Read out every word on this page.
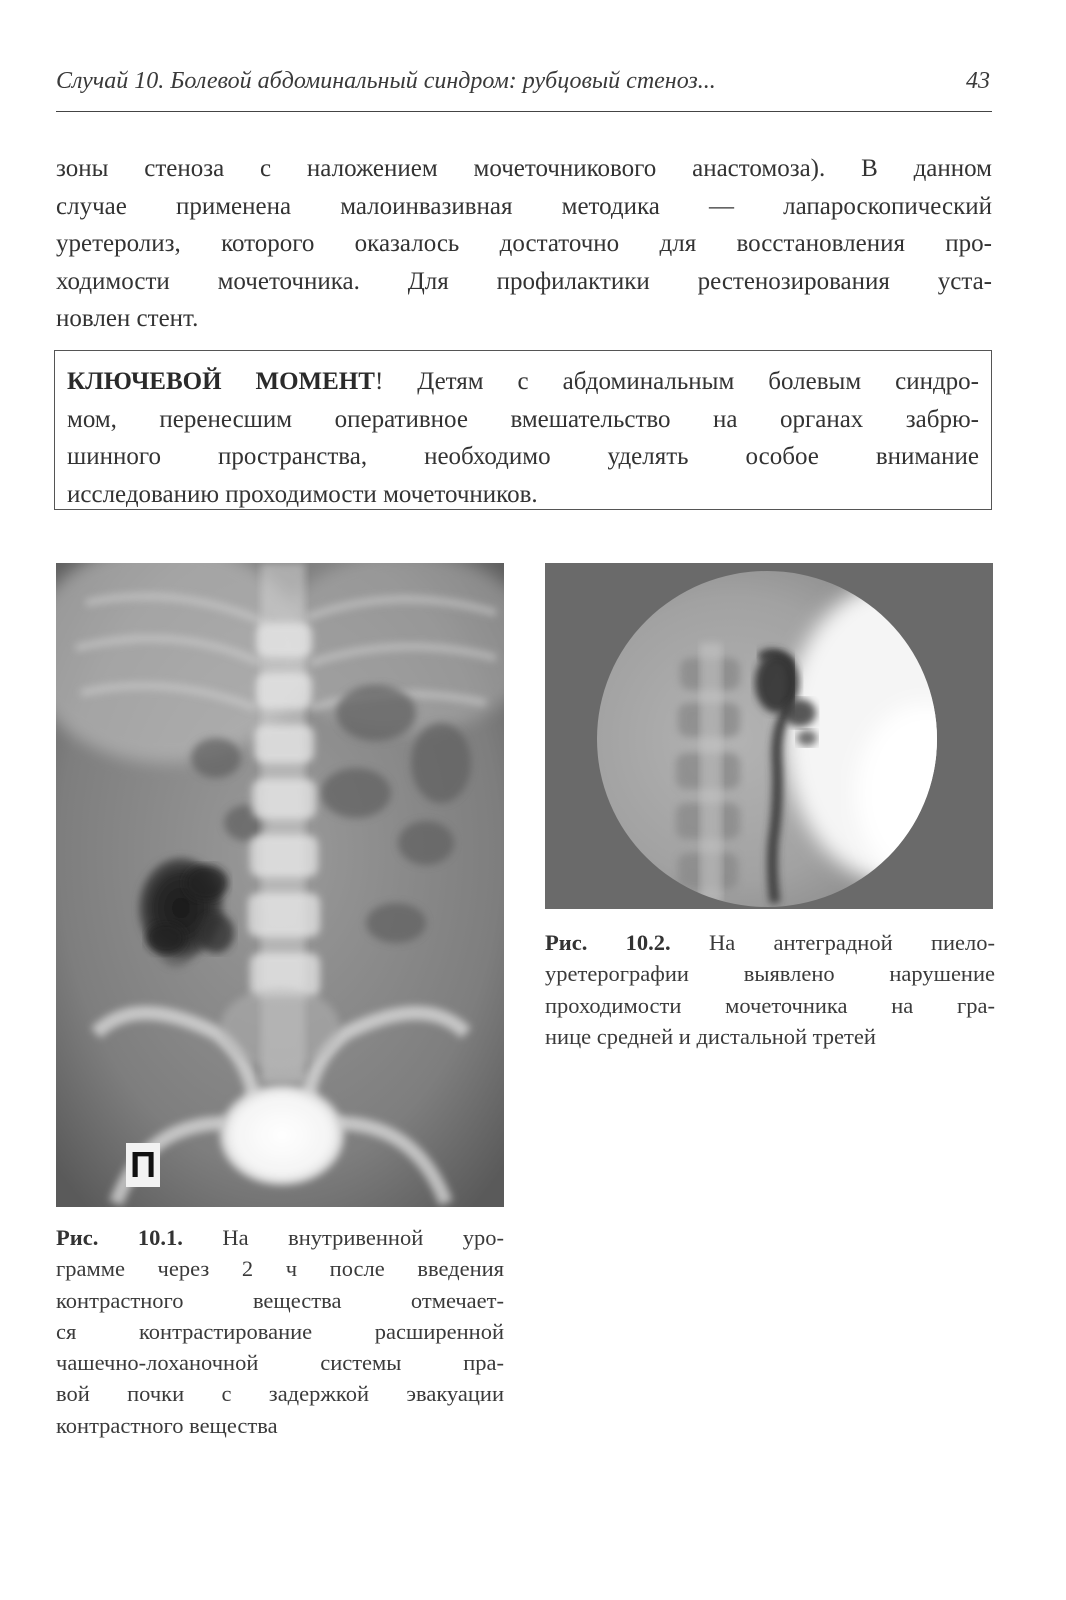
Случай 10. Болевой абдоминальный синдром: рубцовый стеноз...	43
зоны стеноза с наложением мочеточникового анастомоза). В данном
случае применена малоинвазивная методика — лапароскопический
уретеролиз, которого оказалось достаточно для восстановления про-
ходимости мочеточника. Для профилактики рестенозирования уста-
новлен стент.
КЛЮЧЕВОЙ МОМЕНТ! Детям с абдоминальным болевым синдро-
мом, перенесшим оперативное вмешательство на органах забрю-
шинного пространства, необходимо уделять особое внимание
исследованию проходимости мочеточников.
П
Рис. 10.1. На внутривенной уро-
грамме через 2 ч после введения
контрастного вещества отмечает-
ся контрастирование расширенной
чашечно-лоханочной системы пра-
вой почки с задержкой эвакуации
контрастного вещества
Рис. 10.2. На антеградной пиело-
уретерографии выявлено нарушение
проходимости мочеточника на гра-
нице средней и дистальной третей
